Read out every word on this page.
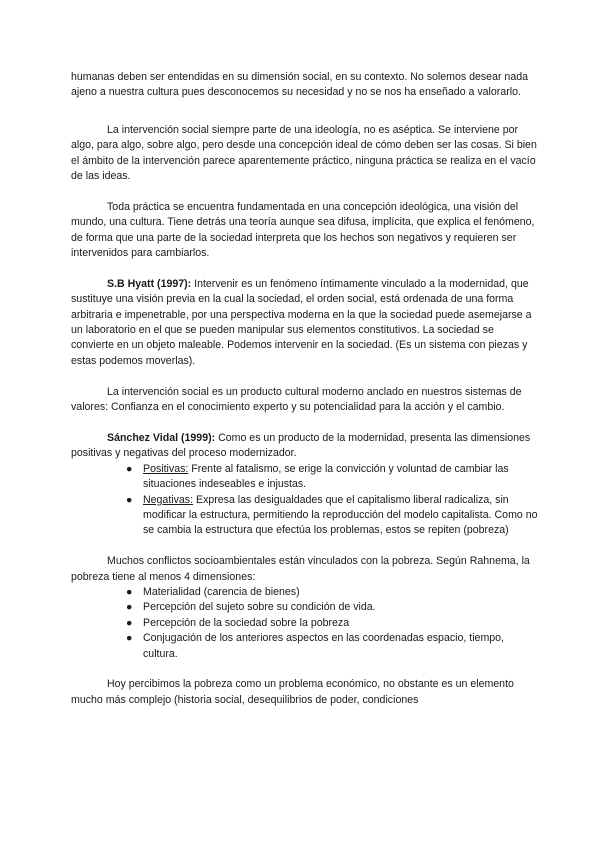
humanas deben ser entendidas en su dimensión social, en su contexto. No solemos desear nada ajeno a nuestra cultura pues desconocemos su necesidad y no se nos ha enseñado a valorarlo.

La intervención social siempre parte de una ideología, no es aséptica. Se interviene por algo, para algo, sobre algo, pero desde una concepción ideal de cómo deben ser las cosas. Si bien el ámbito de la intervención parece aparentemente práctico, ninguna práctica se realiza en el vacío de las ideas.

Toda práctica se encuentra fundamentada en una concepción ideológica, una visión del mundo, una cultura. Tiene detrás una teoría aunque sea difusa, implícita, que explica el fenómeno, de forma que una parte de la sociedad interpreta que los hechos son negativos y requieren ser intervenidos para cambiarlos.

S.B Hyatt (1997): Intervenir es un fenómeno íntimamente vinculado a la modernidad, que sustituye una visión previa en la cual la sociedad, el orden social, está ordenada de una forma arbitraria e impenetrable, por una perspectiva moderna en la que la sociedad puede asemejarse a un laboratorio en el que se pueden manipular sus elementos constitutivos. La sociedad se convierte en un objeto maleable. Podemos intervenir en la sociedad. (Es un sistema con piezas y estas podemos moverlas).

La intervención social es un producto cultural moderno anclado en nuestros sistemas de valores: Confianza en el conocimiento experto y su potencialidad para la acción y el cambio.

Sánchez Vidal (1999): Como es un producto de la modernidad, presenta las dimensiones positivas y negativas del proceso modernizador.

● Positivas: Frente al fatalismo, se erige la convicción y voluntad de cambiar las situaciones indeseables e injustas.
● Negativas: Expresa las desigualdades que el capitalismo liberal radicaliza, sin modificar la estructura, permitiendo la reproducción del modelo capitalista. Como no se cambia la estructura que efectúa los problemas, estos se repiten (pobreza)

Muchos conflictos socioambientales están vinculados con la pobreza. Según Rahnema, la pobreza tiene al menos 4 dimensiones:

● Materialidad (carencia de bienes)
● Percepción del sujeto sobre su condición de vida.
● Percepción de la sociedad sobre la pobreza
● Conjugación de los anteriores aspectos en las coordenadas espacio, tiempo, cultura.

Hoy percibimos la pobreza como un problema económico, no obstante es un elemento mucho más complejo (historia social, desequilibrios de poder, condiciones
